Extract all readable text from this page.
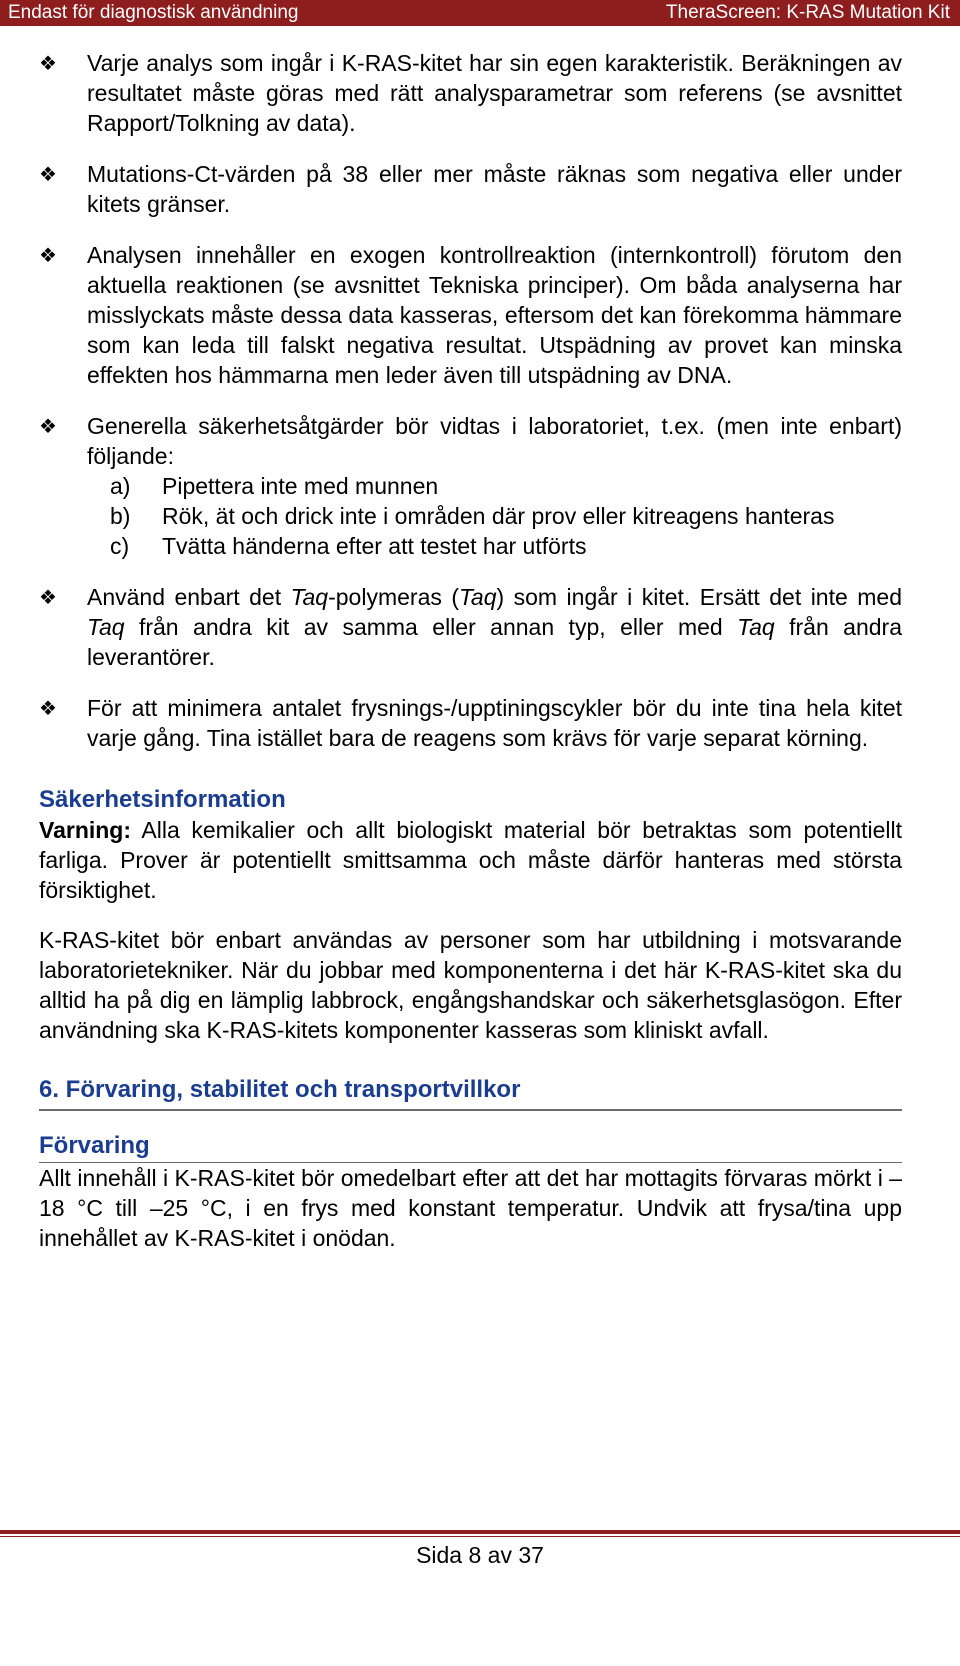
Endast för diagnostisk användning	TheraScreen: K-RAS Mutation Kit
❖	Varje analys som ingår i K-RAS-kitet har sin egen karakteristik. Beräkningen av resultatet måste göras med rätt analysparametrar som referens (se avsnittet Rapport/Tolkning av data).
❖	Mutations-Ct-värden på 38 eller mer måste räknas som negativa eller under kitets gränser.
❖	Analysen innehåller en exogen kontrollreaktion (internkontroll) förutom den aktuella reaktionen (se avsnittet Tekniska principer). Om båda analyserna har misslyckats måste dessa data kasseras, eftersom det kan förekomma hämmare som kan leda till falskt negativa resultat. Utspädning av provet kan minska effekten hos hämmarna men leder även till utspädning av DNA.
❖	Generella säkerhetsåtgärder bör vidtas i laboratoriet, t.ex. (men inte enbart) följande:
a) Pipettera inte med munnen
b) Rök, ät och drick inte i områden där prov eller kitreagens hanteras
c) Tvätta händerna efter att testet har utförts
❖	Använd enbart det Taq-polymeras (Taq) som ingår i kitet. Ersätt det inte med Taq från andra kit av samma eller annan typ, eller med Taq från andra leverantörer.
❖	För att minimera antalet frysnings-/upptiningscykler bör du inte tina hela kitet varje gång. Tina istället bara de reagens som krävs för varje separat körning.
Säkerhetsinformation
Varning: Alla kemikalier och allt biologiskt material bör betraktas som potentiellt farliga. Prover är potentiellt smittsamma och måste därför hanteras med största försiktighet.
K-RAS-kitet bör enbart användas av personer som har utbildning i motsvarande laboratorietekniker. När du jobbar med komponenterna i det här K-RAS-kitet ska du alltid ha på dig en lämplig labbrock, engångshandskar och säkerhetsglasögon. Efter användning ska K-RAS-kitets komponenter kasseras som kliniskt avfall.
6. Förvaring, stabilitet och transportvillkor
Förvaring
Allt innehåll i K-RAS-kitet bör omedelbart efter att det har mottagits förvaras mörkt i –18 °C till –25 °C, i en frys med konstant temperatur. Undvik att frysa/tina upp innehållet av K-RAS-kitet i onödan.
Sida 8 av 37
